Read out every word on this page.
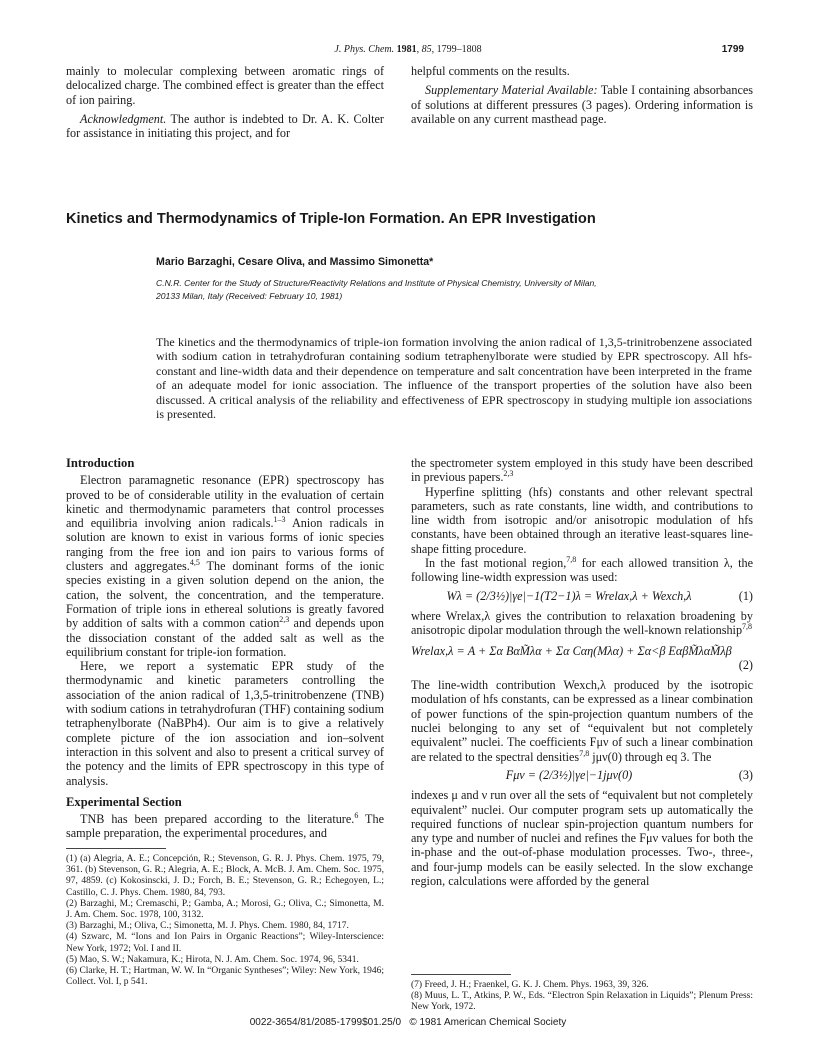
J. Phys. Chem. 1981, 85, 1799–1808	1799

mainly to molecular complexing between aromatic rings of delocalized charge. The combined effect is greater than the effect of ion pairing.

Acknowledgment. The author is indebted to Dr. A. K. Colter for assistance in initiating this project, and for

helpful comments on the results.

Supplementary Material Available: Table I containing absorbances of solutions at different pressures (3 pages). Ordering information is available on any current masthead page.

Kinetics and Thermodynamics of Triple-Ion Formation. An EPR Investigation
Mario Barzaghi, Cesare Oliva, and Massimo Simonetta*
C.N.R. Center for the Study of Structure/Reactivity Relations and Institute of Physical Chemistry, University of Milan,
20133 Milan, Italy (Received: February 10, 1981)
The kinetics and the thermodynamics of triple-ion formation involving the anion radical of 1,3,5-trinitrobenzene associated with sodium cation in tetrahydrofuran containing sodium tetraphenylborate were studied by EPR spectroscopy. All hfs-constant and line-width data and their dependence on temperature and salt concentration have been interpreted in the frame of an adequate model for ionic association. The influence of the transport properties of the solution have also been discussed. A critical analysis of the reliability and effectiveness of EPR spectroscopy in studying multiple ion associations is presented.
Introduction

Electron paramagnetic resonance (EPR) spectroscopy has proved to be of considerable utility in the evaluation of certain kinetic and thermodynamic parameters that control processes and equilibria involving anion radicals.$^{1-3}$ Anion radicals in solution are known to exist in various forms of ionic species ranging from the free ion and ion pairs to various forms of clusters and aggregates.$^{4,5}$ The dominant forms of the ionic species existing in a given solution depend on the anion, the cation, the solvent, the concentration, and the temperature. Formation of triple ions in ethereal solutions is greatly favored by addition of salts with a common cation$^{2,3}$ and depends upon the dissociation constant of the added salt as well as the equilibrium constant for triple-ion formation.

Here, we report a systematic EPR study of the thermodynamic and kinetic parameters controlling the association of the anion radical of 1,3,5-trinitrobenzene (TNB) with sodium cations in tetrahydrofuran (THF) containing sodium tetraphenylborate (NaBPh4). Our aim is to give a relatively complete picture of the ion association and ion–solvent interaction in this solvent and also to present a critical survey of the potency and the limits of EPR spectroscopy in this type of analysis.

Experimental Section

TNB has been prepared according to the literature.$^6$ The sample preparation, the experimental procedures, and

the spectrometer system employed in this study have been described in previous papers.$^{2,3}$

Hyperfine splitting (hfs) constants and other relevant spectral parameters, such as rate constants, line width, and contributions to line width from isotropic and/or anisotropic modulation of hfs constants, have been obtained through an iterative least-squares line-shape fitting procedure.

In the fast motional region,$^{7,8}$ for each allowed transition λ, the following line-width expression was used:

Wλ = (2/3½)|γe|−1(T2−1)λ = Wrelax,λ + Wexch,λ	(1)

where Wrelax,λ gives the contribution to relaxation broadening by anisotropic dipolar modulation through the well-known relationship$^{7,8}$

Wrelax,λ = A + Σα BαM̃λα + Σα Cαη(Mλα) + Σα<β EαβM̃λαM̃λβ
(2)

The line-width contribution Wexch,λ produced by the isotropic modulation of hfs constants, can be expressed as a linear combination of power functions of the spin-projection quantum numbers of the nuclei belonging to any set of “equivalent but not completely equivalent” nuclei. The coefficients Fμν of such a linear combination are related to the spectral densities$^{7,8}$ jμν(0) through eq 3. The

Fμν = (2/3½)|γe|−1jμν(0)	(3)

indexes μ and ν run over all the sets of “equivalent but not completely equivalent” nuclei. Our computer program sets up automatically the required functions of nuclear spin-projection quantum numbers for any type and number of nuclei and refines the Fμν values for both the in-phase and the out-of-phase modulation processes. Two-, three-, and four-jump models can be easily selected. In the slow exchange region, calculations were afforded by the general

(1) (a) Alegria, A. E.; Concepción, R.; Stevenson, G. R. J. Phys. Chem. 1975, 79, 361. (b) Stevenson, G. R.; Alegria, A. E.; Block, A. McB. J. Am. Chem. Soc. 1975, 97, 4859. (c) Kokosinscki, J. D.; Forch, B. E.; Stevenson, G. R.; Echegoyen, L.; Castillo, C. J. Phys. Chem. 1980, 84, 793.
(2) Barzaghi, M.; Cremaschi, P.; Gamba, A.; Morosi, G.; Oliva, C.; Simonetta, M. J. Am. Chem. Soc. 1978, 100, 3132.
(3) Barzaghi, M.; Oliva, C.; Simonetta, M. J. Phys. Chem. 1980, 84, 1717.
(4) Szwarc, M. “Ions and Ion Pairs in Organic Reactions”; Wiley-Interscience: New York, 1972; Vol. I and II.
(5) Mao, S. W.; Nakamura, K.; Hirota, N. J. Am. Chem. Soc. 1974, 96, 5341.
(6) Clarke, H. T.; Hartman, W. W. In “Organic Syntheses”; Wiley: New York, 1946; Collect. Vol. I, p 541.	(7) Freed, J. H.; Fraenkel, G. K. J. Chem. Phys. 1963, 39, 326.
(8) Muus, L. T., Atkins, P. W., Eds. “Electron Spin Relaxation in Liquids”; Plenum Press: New York, 1972.
0022-3654/81/2085-1799$01.25/0 © 1981 American Chemical Society
